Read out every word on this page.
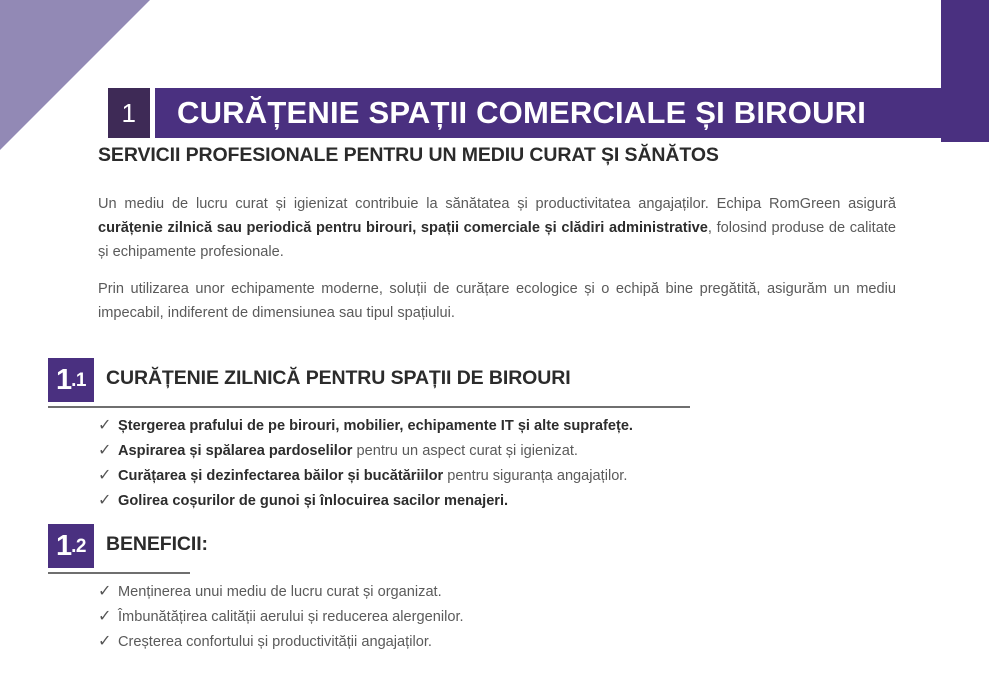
1	CURĂȚENIE SPAȚII COMERCIALE ȘI BIROURI
SERVICII PROFESIONALE PENTRU UN MEDIU CURAT ȘI SĂNĂTOS
Un mediu de lucru curat și igienizat contribuie la sănătatea și productivitatea angajaților. Echipa RomGreen asigură curățenie zilnică sau periodică pentru birouri, spații comerciale și clădiri administrative, folosind produse de calitate și echipamente profesionale.
Prin utilizarea unor echipamente moderne, soluții de curățare ecologice și o echipă bine pregătită, asigurăm un mediu impecabil, indiferent de dimensiunea sau tipul spațiului.
1 .1 CURĂȚENIE ZILNICĂ PENTRU SPAȚII DE BIROURI
✓ Ștergerea prafului de pe birouri, mobilier, echipamente IT și alte suprafețe.
✓ Aspirarea și spălarea pardoselilor pentru un aspect curat și igienizat.
✓ Curățarea și dezinfectarea băilor și bucătăriilor pentru siguranța angajaților.
✓ Golirea coșurilor de gunoi și înlocuirea sacilor menajeri.
1 .2 BENEFICII:
✓ Menținerea unui mediu de lucru curat și organizat.
✓ Îmbunătățirea calității aerului și reducerea alergenilor.
✓ Creșterea confortului și productivității angajaților.
